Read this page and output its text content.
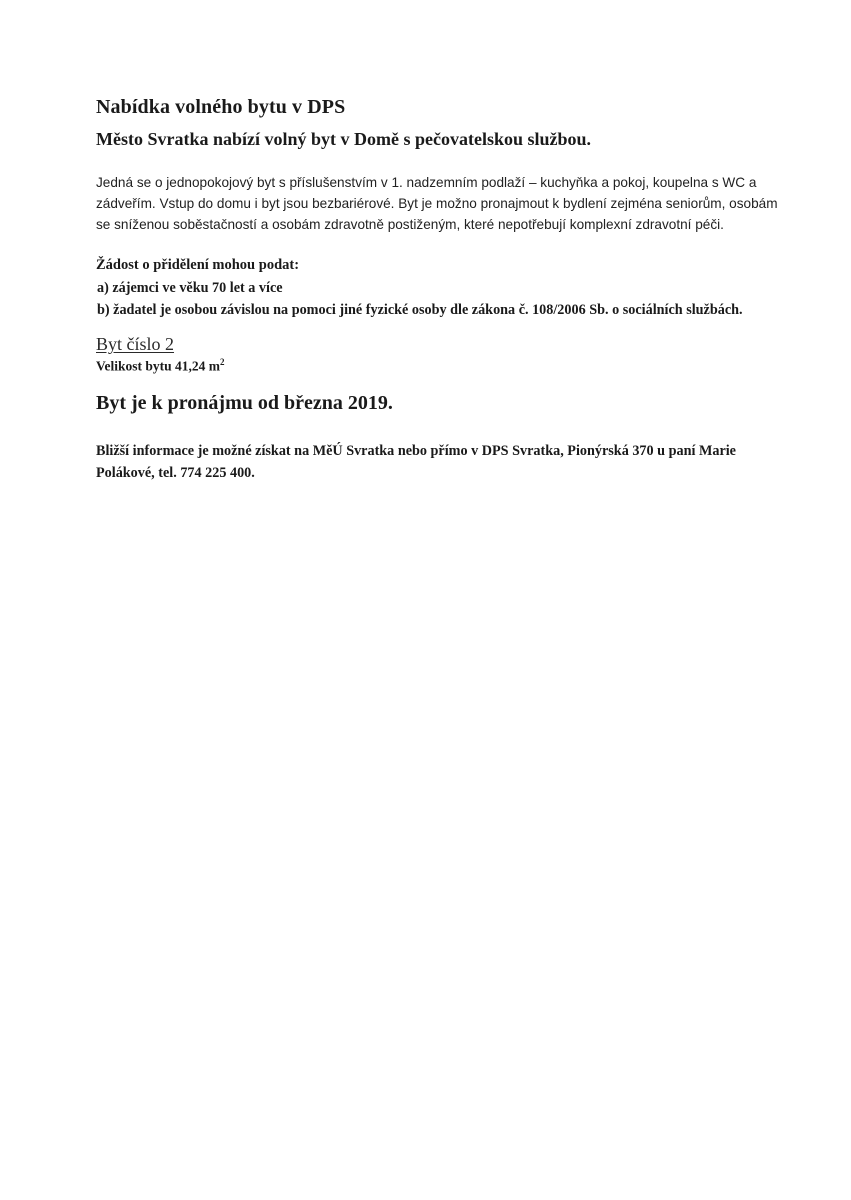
Nabídka volného bytu v DPS
Město Svratka nabízí volný byt v Domě s pečovatelskou službou.
Jedná se o jednopokojový byt s příslušenstvím v 1. nadzemním podlaží – kuchyňka a pokoj, koupelna s WC a
zádveřím. Vstup do domu i byt jsou bezbariérové. Byt je možno pronajmout k bydlení zejména seniorům, osobám
se sníženou soběstačností a osobám zdravotně postiženým, které nepotřebují komplexní zdravotní péči.
Žádost o přidělení mohou podat:
a) zájemci ve věku 70 let a více
b) žadatel je osobou závislou na pomoci jiné fyzické osoby dle zákona č. 108/2006 Sb. o sociálních službách.
Byt číslo 2
Velikost bytu 41,24 $m^2$
Byt je k pronájmu od března 2019.
Bližší informace je možné získat na MěÚ Svratka nebo přímo v DPS Svratka, Pionýrská 370 u paní Marie
Polákové, tel. 774 225 400.
